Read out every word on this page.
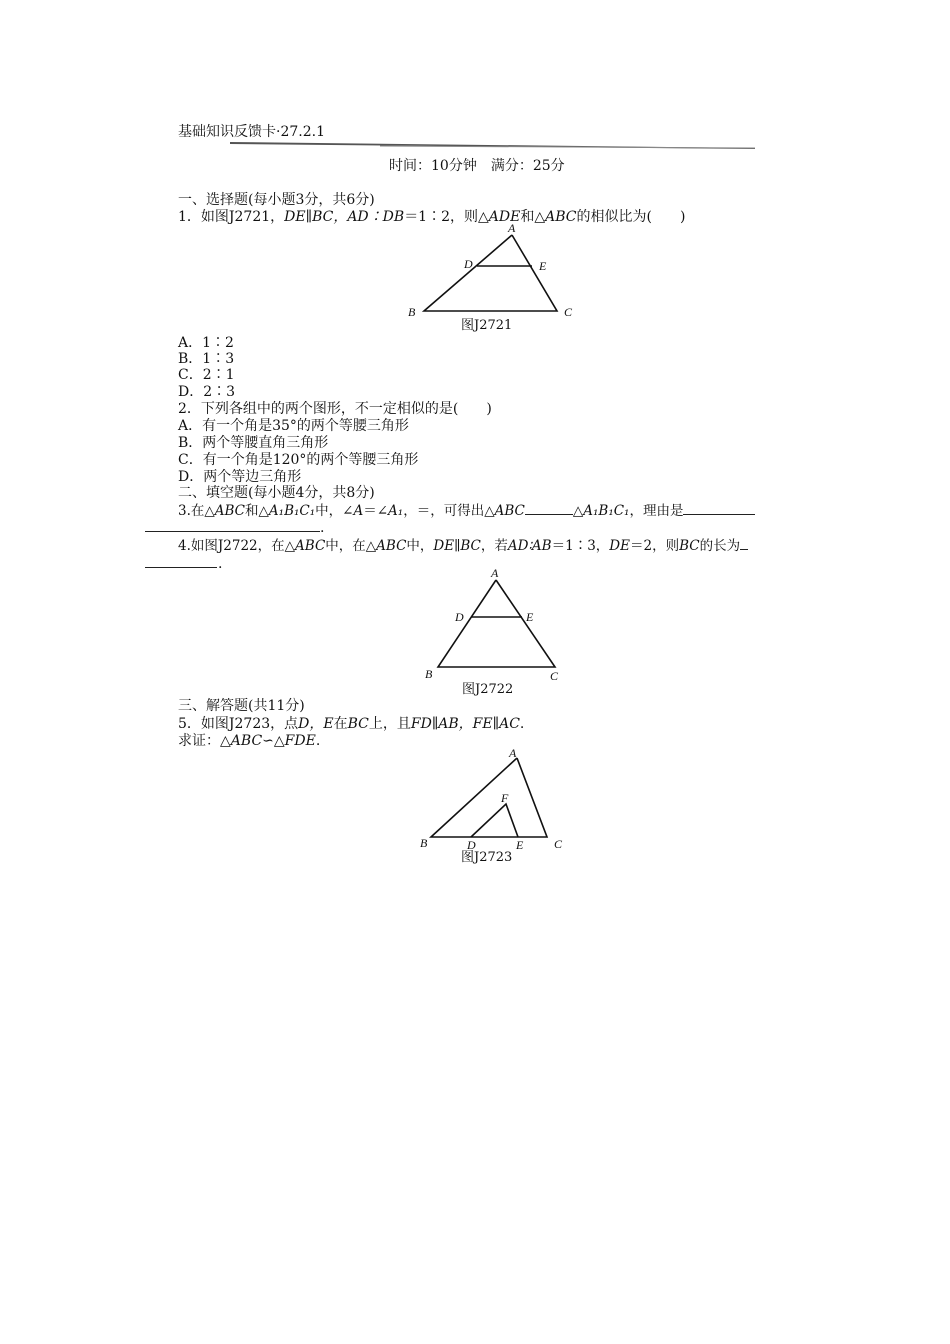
基础知识反馈卡·27.2.1
时间：10分钟　满分：25分
一、选择题(每小题3分，共6分)
1．如图J2721，DE∥BC，AD∶DB＝1∶2，则△ADE和△ABC的相似比为(　　)
A
D	E
B	C
图J2721
A．1∶2
B．1∶3
C．2∶1
D．2∶3
2．下列各组中的两个图形，不一定相似的是(　　)
A．有一个角是35°的两个等腰三角形
B．两个等腰直角三角形
C．有一个角是120°的两个等腰三角形
D．两个等边三角形
二、填空题(每小题4分，共8分)
3.在△ABC和△A₁B₁C₁中，∠A＝∠A₁，＝，可得出△ABC	△A₁B₁C₁，理由是
.
4.如图J2722，在△ABC中，在△ABC中，DE∥BC，若AD∶AB＝1∶3，DE＝2，则BC的长为
.
A
D	E
B	C
图J2722
三、解答题(共11分)
5．如图J2723，点D，E在BC上，且FD∥AB，FE∥AC.
求证：△ABC∽△FDE.
A
F
B	D	E	C
图J2723
